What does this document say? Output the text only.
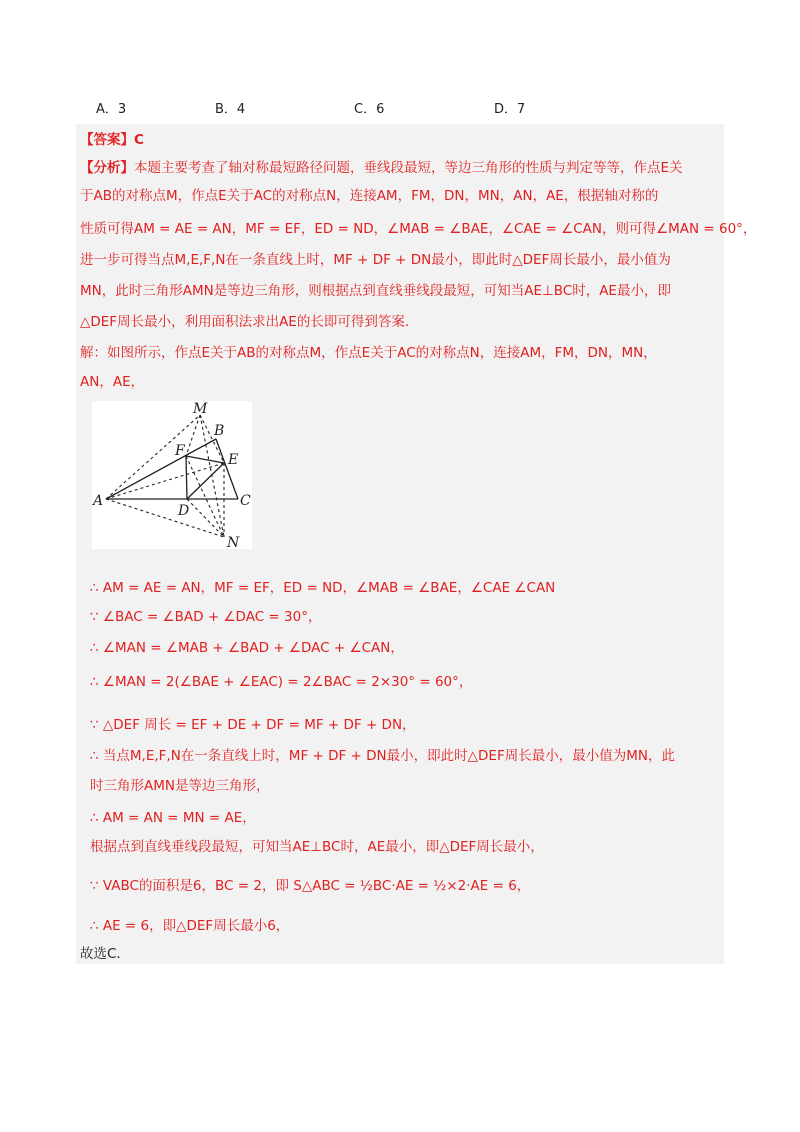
A．3	B．4	C．6	D．7
【答案】C
【分析】本题主要考查了轴对称最短路径问题，垂线段最短，等边三角形的性质与判定等等，作点E关
于AB的对称点M，作点E关于AC的对称点N，连接AM，FM，DN，MN，AN，AE，根据轴对称的
性质可得AM = AE = AN，MF = EF，ED = ND，∠MAB = ∠BAE，∠CAE = ∠CAN，则可得∠MAN = 60°，
进一步可得当点M,E,F,N在一条直线上时，MF + DF + DN最小，即此时△DEF周长最小，最小值为
MN，此时三角形AMN是等边三角形，则根据点到直线垂线段最短，可知当AE⊥BC时，AE最小，即
△DEF周长最小，利用面积法求出AE的长即可得到答案.
解：如图所示，作点E关于AB的对称点M，作点E关于AC的对称点N，连接AM，FM，DN，MN，
AN，AE，
M
B
F
E
A
D
C
N
∴ AM = AE = AN，MF = EF，ED = ND，∠MAB = ∠BAE，∠CAE ∠CAN
∵ ∠BAC = ∠BAD + ∠DAC = 30°，
∴ ∠MAN = ∠MAB + ∠BAD + ∠DAC + ∠CAN，
∴ ∠MAN = 2(∠BAE + ∠EAC) = 2∠BAC = 2×30° = 60°，
∵ △DEF 周长 = EF + DE + DF = MF + DF + DN，
∴ 当点M,E,F,N在一条直线上时，MF + DF + DN最小，即此时△DEF周长最小，最小值为MN，此
时三角形AMN是等边三角形，
∴ AM = AN = MN = AE，
根据点到直线垂线段最短，可知当AE⊥BC时，AE最小，即△DEF周长最小，
∵ VABC的面积是6，BC = 2，即 S△ABC = ½BC·AE = ½×2·AE = 6，
∴ AE = 6，即△DEF周长最小6，
故选C.
